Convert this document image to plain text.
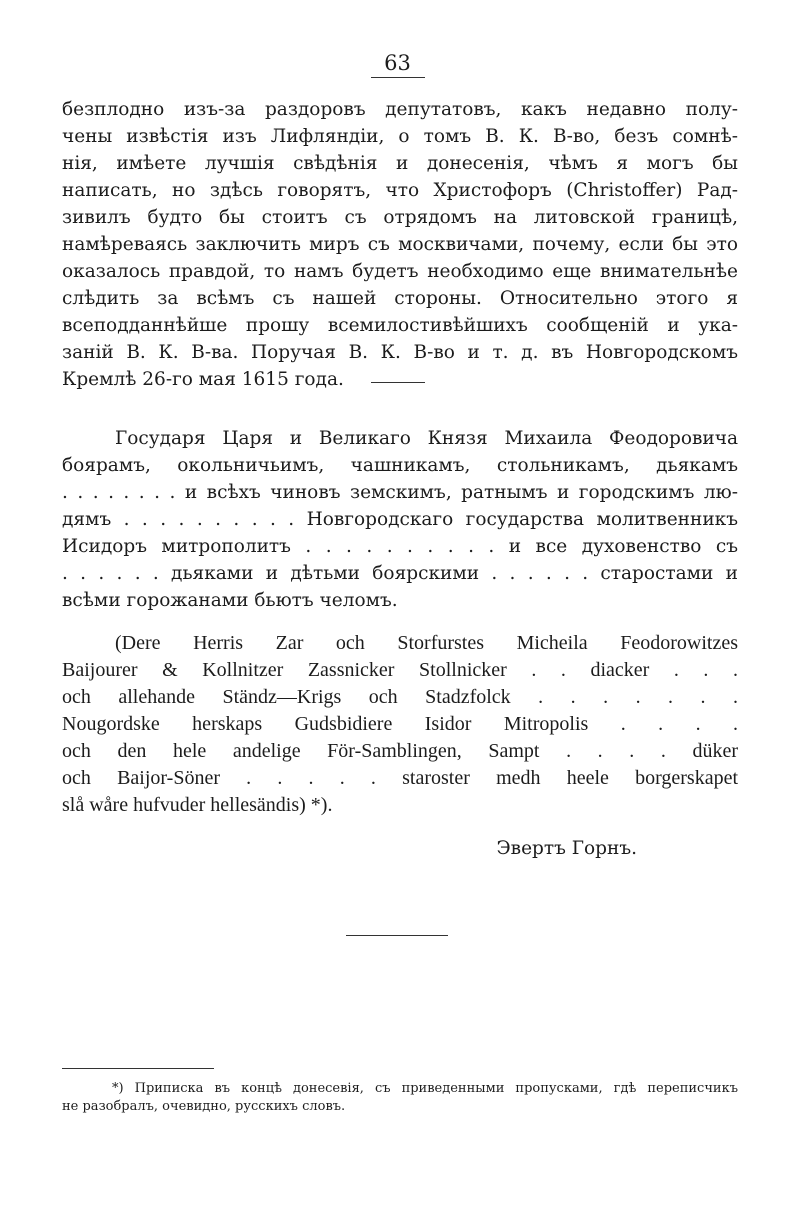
63
безплодно изъ-за раздоровъ депутатовъ, какъ недавно полу-
чены извѣстія изъ Лифляндіи, о томъ В. К. В-во, безъ сомнѣ-
нія, имѣете лучшія свѣдѣнія и донесенія, чѣмъ я могъ бы
написать, но здѣсь говорятъ, что Христофоръ (Christoffer) Рад-
зивилъ будто бы стоитъ съ отрядомъ на литовской границѣ,
намѣреваясь заключить миръ съ москвичами, почему, если бы это
оказалось правдой, то намъ будетъ необходимо еще внимательнѣе
слѣдить за всѣмъ съ нашей стороны. Относительно этого я
всеподданнѣйше прошу всемилостивѣйшихъ сообщеній и ука-
заній В. К. В-ва. Поручая В. К. В-во и т. д. въ Новгородскомъ
Кремлѣ 26-го мая 1615 года.
Государя Царя и Великаго Князя Михаила Феодоровича
боярамъ, окольничьимъ, чашникамъ, стольникамъ, дьякамъ
. . . . . . . . и всѣхъ чиновъ земскимъ, ратнымъ и городскимъ лю-
дямъ . . . . . . . . . . Новгородскаго государства молитвенникъ
Исидоръ митрополитъ . . . . . . . . . . и все духовенство съ
. . . . . . дьяками и дѣтьми боярскими . . . . . . старостами и
всѣми горожанами бьютъ челомъ.
(Dere Herris Zar och Storfurstes Micheila Feodorowitzes
Baijourer & Kollnitzer Zassnicker Stollnicker . . diacker . . .
och allehande Ständz—Krigs och Stadzfolck . . . . . . .
Nougordske herskaps Gudsbidiere Isidor Mitropolis . . . .
och den hele andelige För-Samblingen, Sampt . . . . düker
och Baijor-Söner . . . . . staroster medh heele borgerskapet
slå wåre hufvuder hellesändis) *).
Эвертъ Горнъ.
*) Приписка въ концѣ донесевія, съ приведенными пропусками, гдѣ переписчикъ
не разобралъ, очевидно, русскихъ словъ.
